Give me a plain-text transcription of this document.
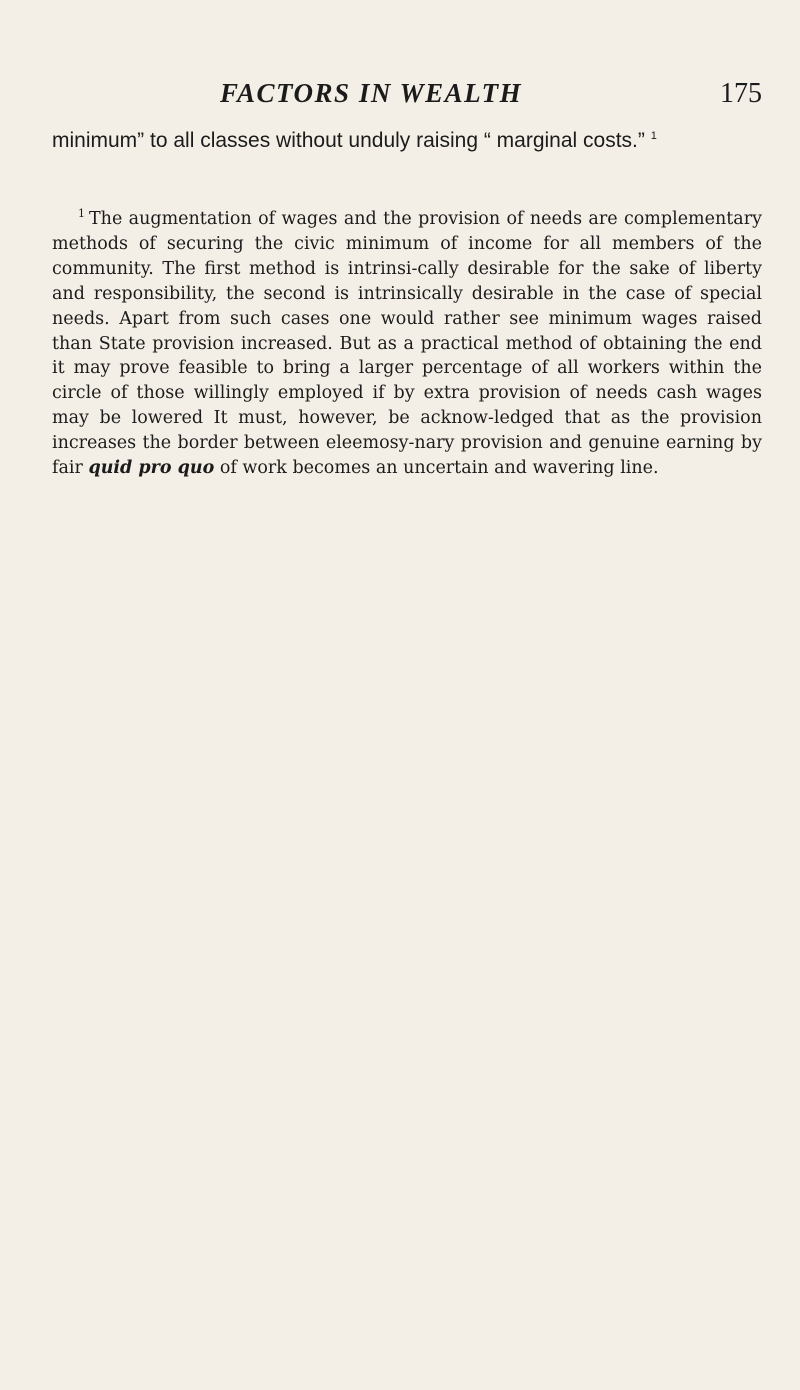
FACTORS IN WEALTH	175

minimum” to all classes without unduly raising “ marginal costs.” $^1$

$^1$ The augmentation of wages and the provision of needs are complementary methods of securing the civic minimum of income for all members of the community. The first method is intrinsi-cally desirable for the sake of liberty and responsibility, the second is intrinsically desirable in the case of special needs. Apart from such cases one would rather see minimum wages raised than State provision increased. But as a practical method of obtaining the end it may prove feasible to bring a larger percentage of all workers within the circle of those willingly employed if by extra provision of needs cash wages may be lowered It must, however, be acknow-ledged that as the provision increases the border between eleemosy-nary provision and genuine earning by fair quid pro quo of work becomes an uncertain and wavering line.
